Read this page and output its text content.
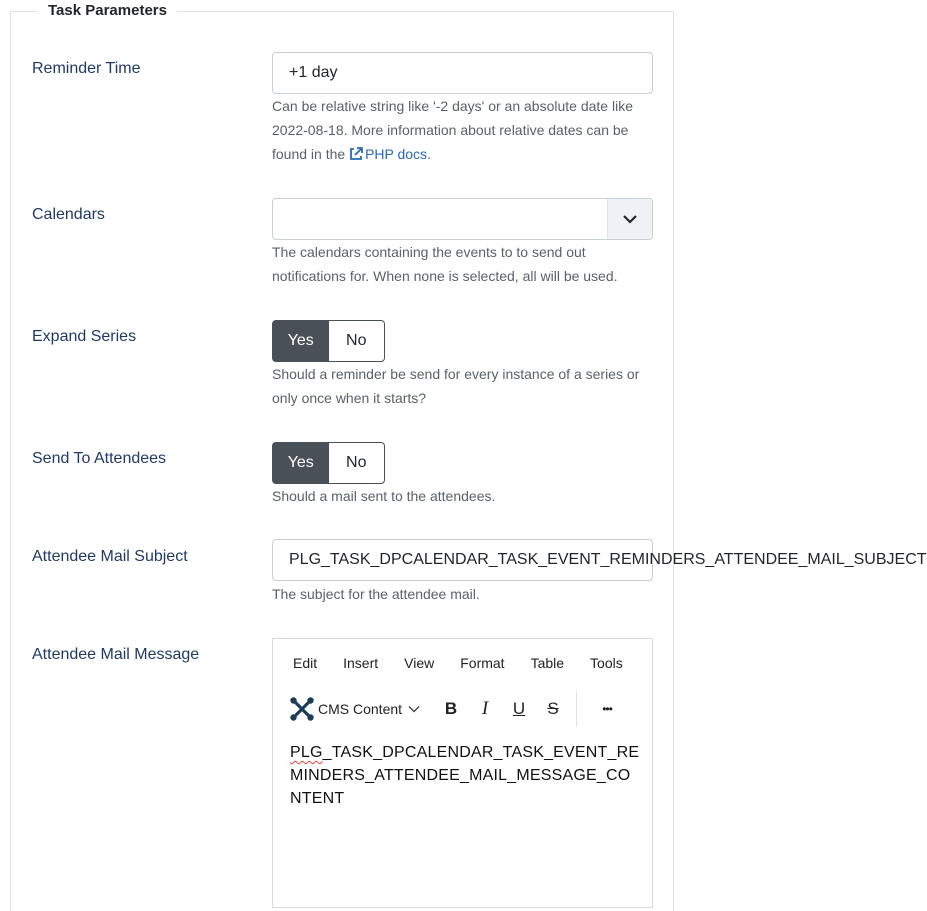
Task Parameters
Reminder Time	+1 day
Can be relative string like '-2 days' or an absolute date like 2022-08-18. More information about relative dates can be found in the PHP docs.
Calendars
The calendars containing the events to to send out notifications for. When none is selected, all will be used.
Expand Series	Yes	No
Should a reminder be send for every instance of a series or only once when it starts?
Send To Attendees	Yes	No
Should a mail sent to the attendees.
Attendee Mail Subject	PLG_TASK_DPCALENDAR_TASK_EVENT_REMINDERS_ATTENDEE_MAIL_SUBJECT
The subject for the attendee mail.
Attendee Mail Message	Edit	Insert	View	Format	Table	Tools
CMS Content	B	I	U	S	•••
PLG_TASK_DPCALENDAR_TASK_EVENT_REMINDERS_ATTENDEE_MAIL_MESSAGE_CONTENT
